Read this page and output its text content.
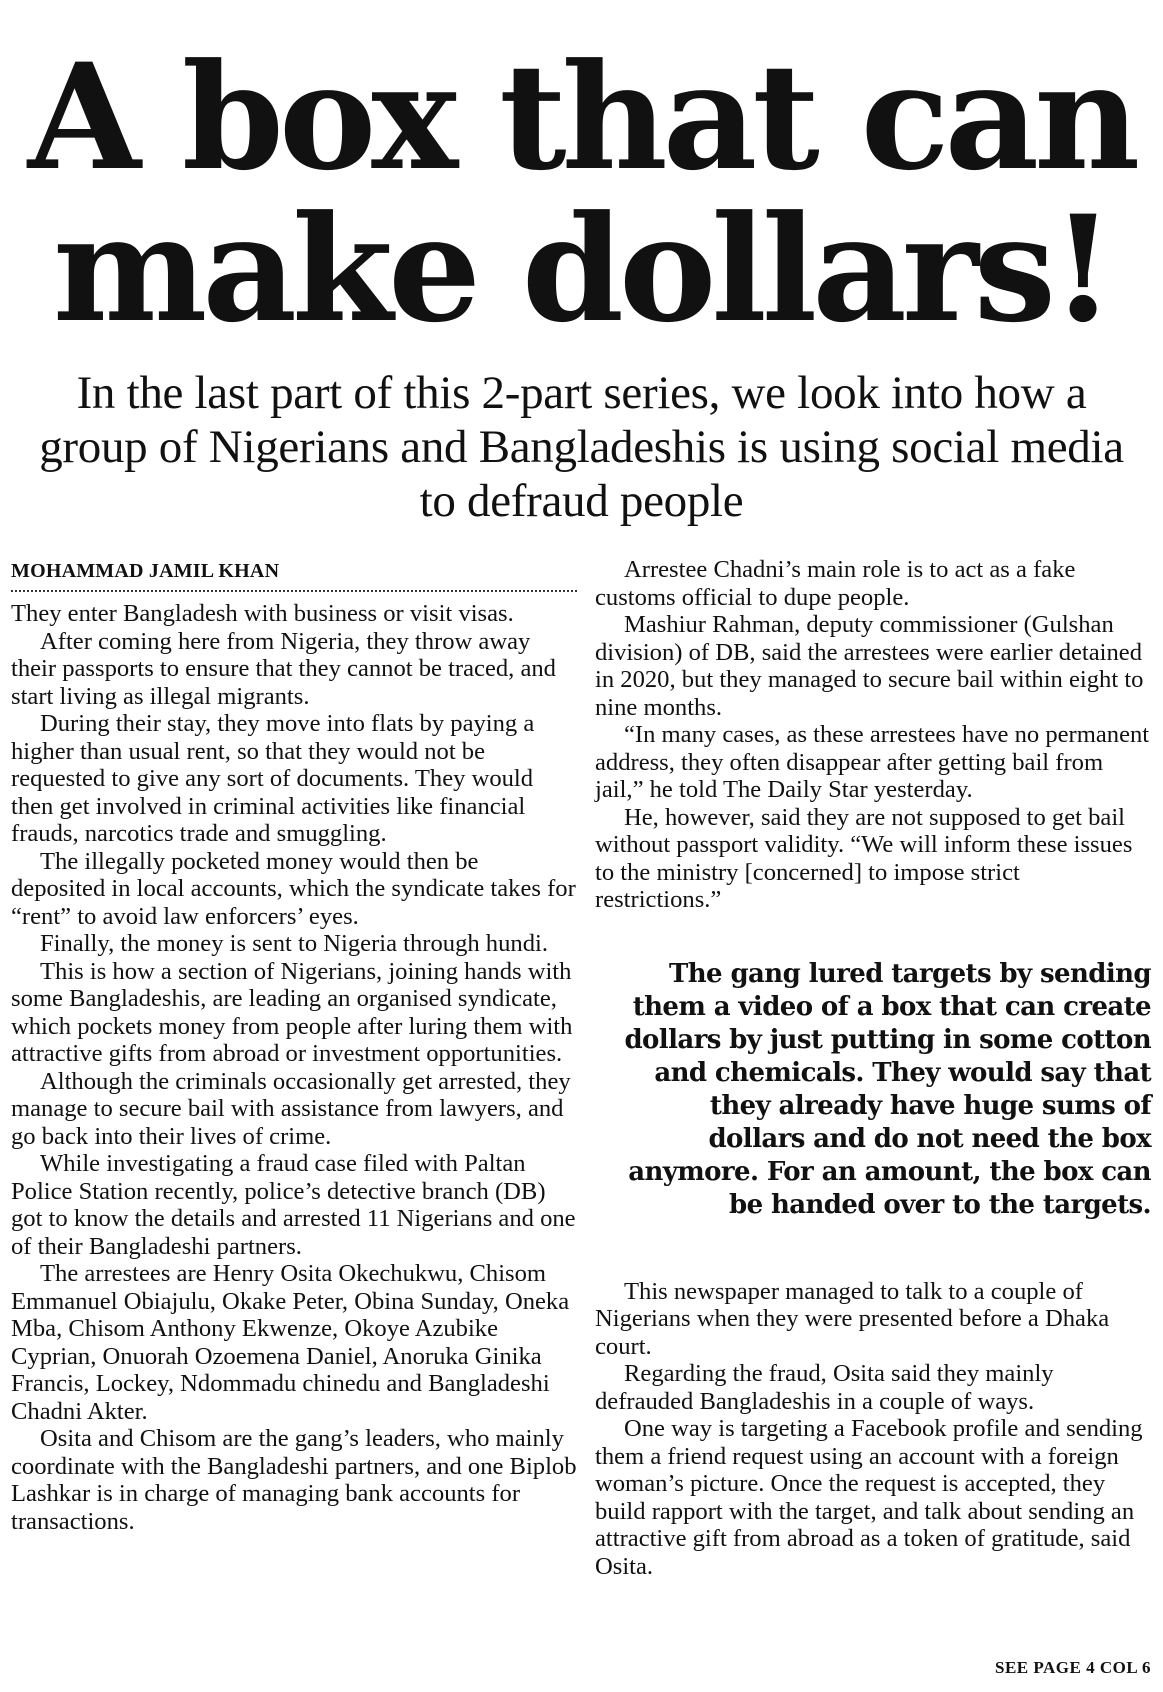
A box that can make dollars!
In the last part of this 2-part series, we look into how a group of Nigerians and Bangladeshis is using social media to defraud people
MOHAMMAD JAMIL KHAN

They enter Bangladesh with business or visit visas.

After coming here from Nigeria, they throw away their passports to ensure that they cannot be traced, and start living as illegal migrants.

During their stay, they move into flats by paying a higher than usual rent, so that they would not be requested to give any sort of documents. They would then get involved in criminal activities like financial frauds, narcotics trade and smuggling.

The illegally pocketed money would then be deposited in local accounts, which the syndicate takes for “rent” to avoid law enforcers’ eyes.

Finally, the money is sent to Nigeria through hundi.

This is how a section of Nigerians, joining hands with some Bangladeshis, are leading an organised syndicate, which pockets money from people after luring them with attractive gifts from abroad or investment opportunities.

Although the criminals occasionally get arrested, they manage to secure bail with assistance from lawyers, and go back into their lives of crime.

While investigating a fraud case filed with Paltan Police Station recently, police’s detective branch (DB) got to know the details and arrested 11 Nigerians and one of their Bangladeshi partners.

The arrestees are Henry Osita Okechukwu, Chisom Emmanuel Obiajulu, Okake Peter, Obina Sunday, Oneka Mba, Chisom Anthony Ekwenze, Okoye Azubike Cyprian, Onuorah Ozoemena Daniel, Anoruka Ginika Francis, Lockey, Ndommadu chinedu and Bangladeshi Chadni Akter.

Osita and Chisom are the gang’s leaders, who mainly coordinate with the Bangladeshi partners, and one Biplob Lashkar is in charge of managing bank accounts for transactions.

Arrestee Chadni’s main role is to act as a fake customs official to dupe people.

Mashiur Rahman, deputy commissioner (Gulshan division) of DB, said the arrestees were earlier detained in 2020, but they managed to secure bail within eight to nine months.

“In many cases, as these arrestees have no permanent address, they often disappear after getting bail from jail,” he told The Daily Star yesterday.

He, however, said they are not supposed to get bail without passport validity. “We will inform these issues to the ministry [concerned] to impose strict restrictions.”

The gang lured targets by sending them a video of a box that can create dollars by just putting in some cotton and chemicals. They would say that they already have huge sums of dollars and do not need the box anymore. For an amount, the box can be handed over to the targets.

This newspaper managed to talk to a couple of Nigerians when they were presented before a Dhaka court.

Regarding the fraud, Osita said they mainly defrauded Bangladeshis in a couple of ways.

One way is targeting a Facebook profile and sending them a friend request using an account with a foreign woman’s picture. Once the request is accepted, they build rapport with the target, and talk about sending an attractive gift from abroad as a token of gratitude, said Osita.

SEE PAGE 4 COL 6
